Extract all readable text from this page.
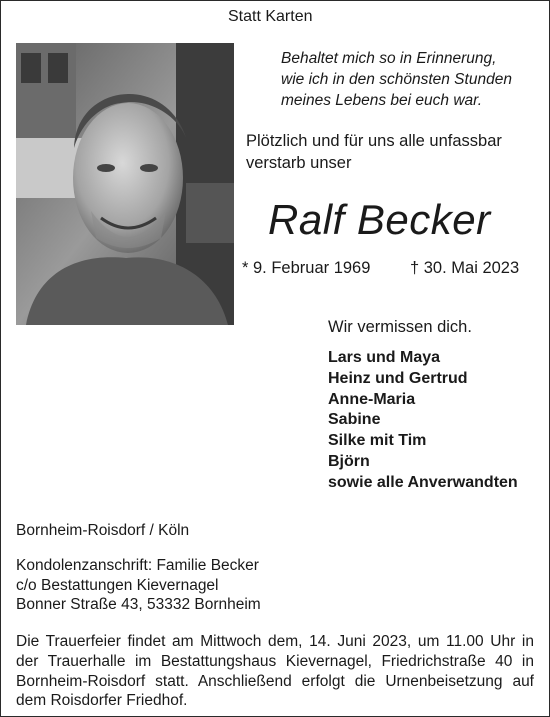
Statt Karten

Behaltet mich so in Erinnerung,
wie ich in den schönsten Stunden
meines Lebens bei euch war.
Plötzlich und für uns alle unfassbar
verstarb unser

Ralf Becker

* 9. Februar 1969 † 30. Mai 2023

Wir vermissen dich.

Lars und Maya
Heinz und Gertrud
Anne-Maria
Sabine
Silke mit Tim
Björn
sowie alle Anverwandten

Bornheim-Roisdorf / Köln

Kondolenzanschrift: Familie Becker
c/o Bestattungen Kievernagel
Bonner Straße 43, 53332 Bornheim
Die Trauerfeier findet am Mittwoch dem, 14. Juni 2023, um 11.00 Uhr in
der Trauerhalle im Bestattungshaus Kievernagel, Friedrichstraße 40 in
Bornheim-Roisdorf statt. Anschließend erfolgt die Urnenbeisetzung auf
dem Roisdorfer Friedhof.
